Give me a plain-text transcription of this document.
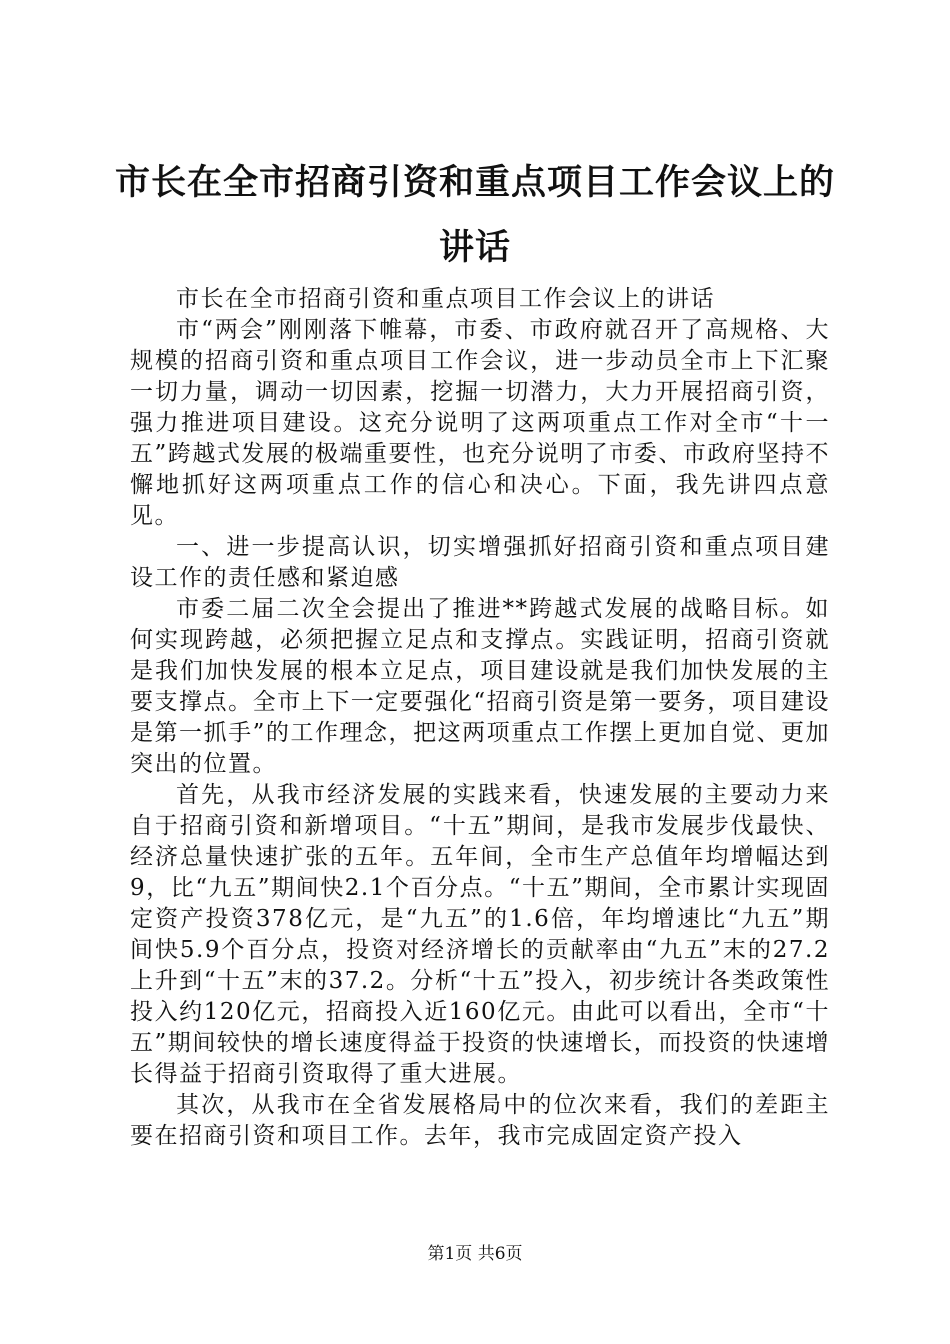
市长在全市招商引资和重点项目工作会议上的讲话

市长在全市招商引资和重点项目工作会议上的讲话

市“两会”刚刚落下帷幕，市委、市政府就召开了高规格、大规模的招商引资和重点项目工作会议，进一步动员全市上下汇聚一切力量，调动一切因素，挖掘一切潜力，大力开展招商引资，强力推进项目建设。这充分说明了这两项重点工作对全市“十一五”跨越式发展的极端重要性，也充分说明了市委、市政府坚持不懈地抓好这两项重点工作的信心和决心。下面，我先讲四点意见。

一、进一步提高认识，切实增强抓好招商引资和重点项目建设工作的责任感和紧迫感

市委二届二次全会提出了推进**跨越式发展的战略目标。如何实现跨越，必须把握立足点和支撑点。实践证明，招商引资就是我们加快发展的根本立足点，项目建设就是我们加快发展的主要支撑点。全市上下一定要强化“招商引资是第一要务，项目建设是第一抓手”的工作理念，把这两项重点工作摆上更加自觉、更加突出的位置。

首先，从我市经济发展的实践来看，快速发展的主要动力来自于招商引资和新增项目。“十五”期间，是我市发展步伐最快、经济总量快速扩张的五年。五年间，全市生产总值年均增幅达到9，比“九五”期间快2.1个百分点。“十五”期间，全市累计实现固定资产投资378亿元，是“九五”的1.6倍，年均增速比“九五”期间快5.9个百分点，投资对经济增长的贡献率由“九五”末的27.2上升到“十五”末的37.2。分析“十五”投入，初步统计各类政策性投入约120亿元，招商投入近160亿元。由此可以看出，全市“十五”期间较快的增长速度得益于投资的快速增长，而投资的快速增长得益于招商引资取得了重大进展。

其次，从我市在全省发展格局中的位次来看，我们的差距主要在招商引资和项目工作。去年，我市完成固定资产投入

第1页 共6页
